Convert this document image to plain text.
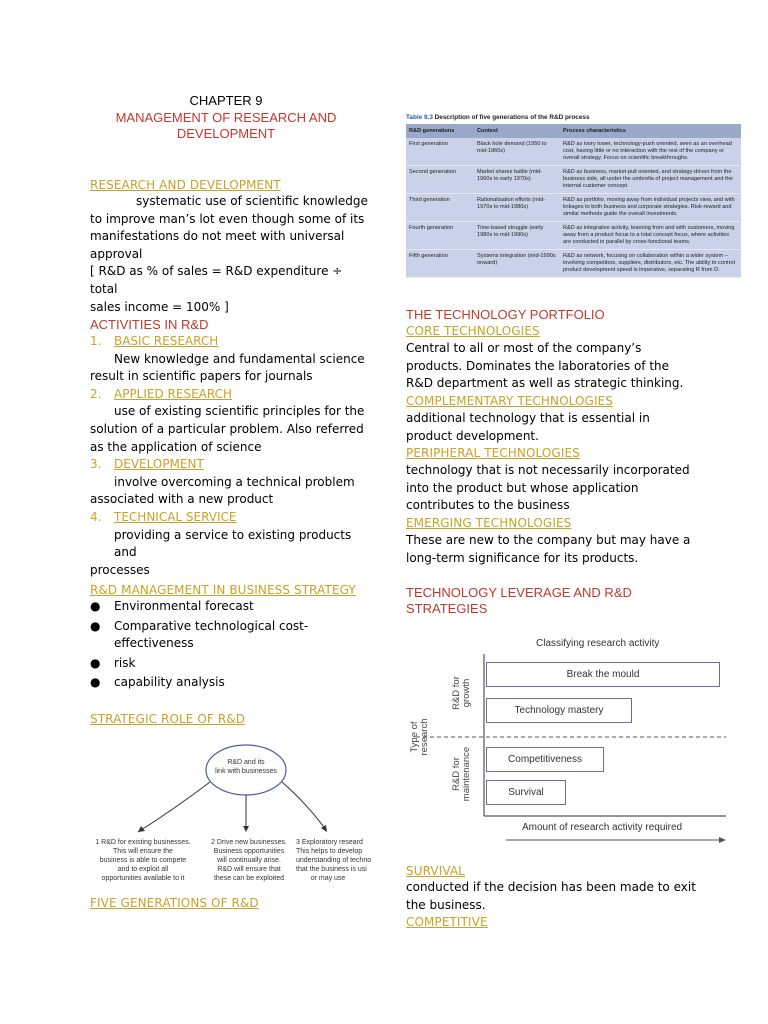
CHAPTER 9
MANAGEMENT OF RESEARCH AND
DEVELOPMENT
RESEARCH AND DEVELOPMENT
systematic use of scientific knowledge
to improve man’s lot even though some of its
manifestations do not meet with universal
approval
[ R&D as % of sales = R&D expenditure ÷ total
sales income = 100% ]
ACTIVITIES IN R&D
1. BASIC RESEARCH
New knowledge and fundamental science
result in scientific papers for journals
2. APPLIED RESEARCH
use of existing scientific principles for the
solution of a particular problem. Also referred
as the application of science
3. DEVELOPMENT
involve overcoming a technical problem
associated with a new product
4. TECHNICAL SERVICE
providing a service to existing products and
processes
R&D MANAGEMENT IN BUSINESS STRATEGY
● Environmental forecast
● Comparative technological cost-
effectiveness
● risk
● capability analysis
STRATEGIC ROLE OF R&D
R&D and its
link with businesses
1 R&D for existing businesses.
This will ensure the
business is able to compete
and to exploit all
opportunities available to it
2 Drive new businesses.
Business opportunities
will continually arise.
R&D will ensure that
these can be exploited
3 Exploratory researd
This helps to develop
understanding of techno
that the business is usi
or may use
FIVE GENERATIONS OF R&D
Table 9.3 Description of five generations of the R&D process
R&D generations	Context	Process characteristics
First generation	Black hole demand (1950 to mid-1960s)	R&D as ivory tower, technology-push oriented, seen as an overhead cost, having little or no interaction with the rest of the company or overall strategy. Focus on scientific breakthroughs.
Second generation	Market shares battle (mid-1960s to early 1970s)	R&D as business, market-pull oriented, and strategy-driven from the business side, all under the umbrella of project management and the internal customer concept.
Third generation	Rationalisation efforts (mid-1970s to mid-1980s)	R&D as portfolio, moving away from individual projects view, and with linkages to both business and corporate strategies. Risk-reward and similar methods guide the overall investments.
Fourth generation	Time-based struggle (early 1980s to mid-1990s)	R&D as integrative activity, learning from and with customers, moving away from a product focus to a total concept focus, where activities are conducted in parallel by cross-functional teams.
Fifth generation	Systems integration (mid-1990s onward)	R&D as network, focusing on collaboration within a wider system – involving competitors, suppliers, distributors, etc. The ability to control product development speed is imperative, separating R from D.
THE TECHNOLOGY PORTFOLIO
CORE TECHNOLOGIES
Central to all or most of the company’s
products. Dominates the laboratories of the
R&D department as well as strategic thinking.
COMPLEMENTARY TECHNOLOGIES
additional technology that is essential in
product development.
PERIPHERAL TECHNOLOGIES
technology that is not necessarily incorporated
into the product but whose application
contributes to the business
EMERGING TECHNOLOGIES
These are new to the company but may have a
long-term significance for its products.
TECHNOLOGY LEVERAGE AND R&D
STRATEGIES
Classifying research activity
Break the mould
Technology mastery
Competitiveness
Survival
R&D for growth
R&D for maintenance
Type of research
Amount of research activity required
SURVIVAL
conducted if the decision has been made to exit
the business.
COMPETITIVE
